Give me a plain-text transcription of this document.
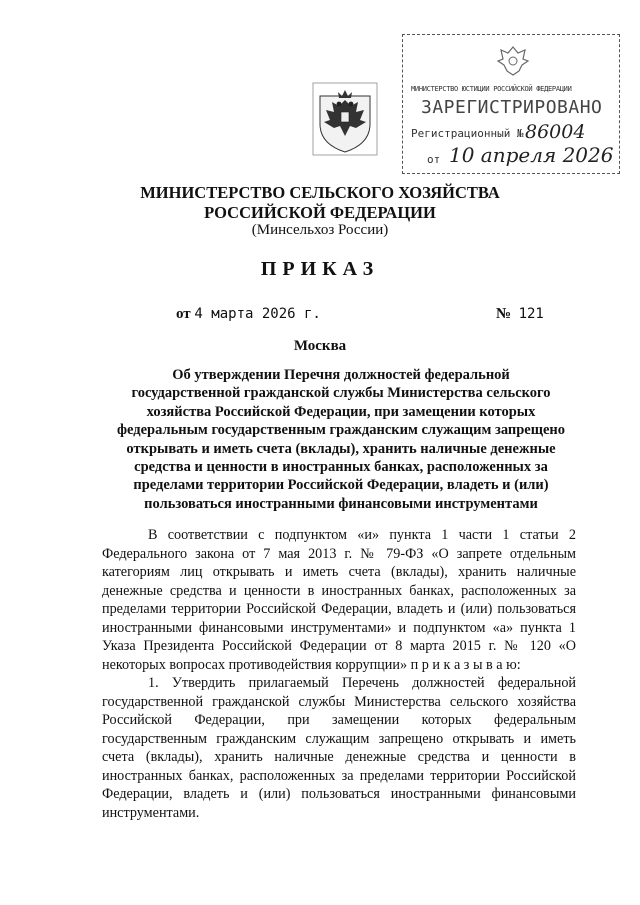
МИНИСТЕРСТВО ЮСТИЦИИ РОССИЙСКОЙ ФЕДЕРАЦИИ
ЗАРЕГИСТРИРОВАНО
Регистрационный № 86004
от 10 апреля 2026
МИНИСТЕРСТВО СЕЛЬСКОГО ХОЗЯЙСТВА
РОССИЙСКОЙ ФЕДЕРАЦИИ
(Минсельхоз России)
ПРИКАЗ
от 4 марта 2026 г.	№ 121
Москва
Об утверждении Перечня должностей федеральной государственной гражданской службы Министерства сельского хозяйства Российской Федерации, при замещении которых федеральным государственным гражданским служащим запрещено открывать и иметь счета (вклады), хранить наличные денежные средства и ценности в иностранных банках, расположенных за пределами территории Российской Федерации, владеть и (или) пользоваться иностранными финансовыми инструментами
В соответствии с подпунктом «и» пункта 1 части 1 статьи 2 Федерального закона от 7 мая 2013 г. № 79-ФЗ «О запрете отдельным категориям лиц открывать и иметь счета (вклады), хранить наличные денежные средства и ценности в иностранных банках, расположенных за пределами территории Российской Федерации, владеть и (или) пользоваться иностранными финансовыми инструментами» и подпунктом «а» пункта 1 Указа Президента Российской Федерации от 8 марта 2015 г. № 120 «О некоторых вопросах противодействия коррупции» п р и к а з ы в а ю:
1. Утвердить прилагаемый Перечень должностей федеральной государственной гражданской службы Министерства сельского хозяйства Российской Федерации, при замещении которых федеральным государственным гражданским служащим запрещено открывать и иметь счета (вклады), хранить наличные денежные средства и ценности в иностранных банках, расположенных за пределами территории Российской Федерации, владеть и (или) пользоваться иностранными финансовыми инструментами.
